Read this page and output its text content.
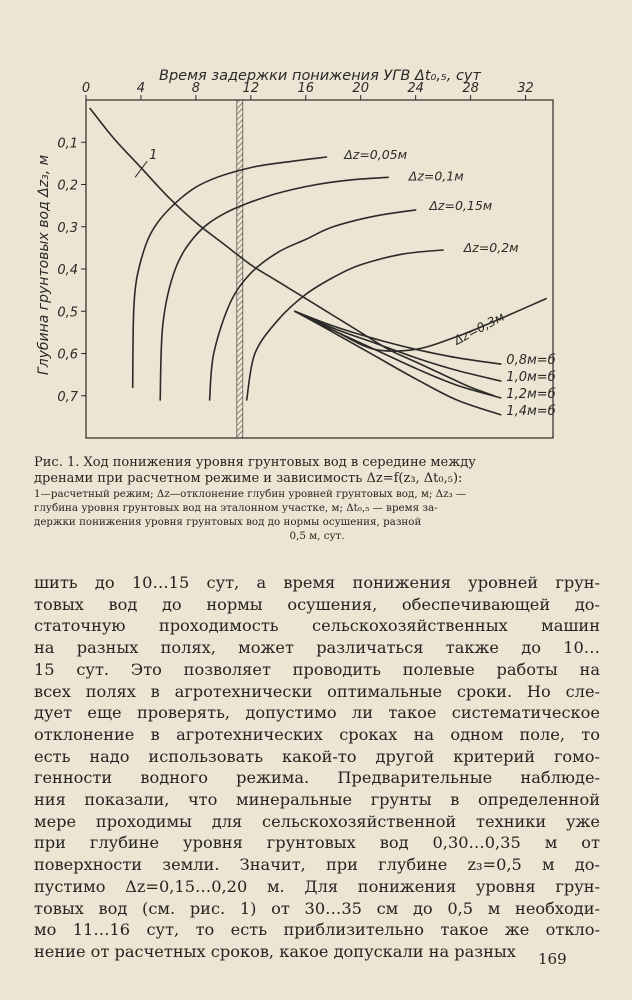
0	4	8	12	16	20	24	28	32
0,1
0,2
0,3
0,4
0,5
0,6
0,7
1	Δz=0,05м
Δz=0,1м
Δz=0,15м
Δz=0,2м
Δz=0,3м
0,8м=б
1,0м=б
1,2м=б
1,4м=б
Время задержки понижения УГВ Δt₀,₅, сут
Глубина грунтовых вод Δz₃, м
Рис. 1. Ход понижения уровня грунтовых вод в середине между
дренами при расчетном режиме и зависимость Δz=f(z₃, Δt₀,₅):
1—расчетный режим; Δz—отклонение глубин уровней грунтовых вод, м; Δz₃ —
глубина уровня грунтовых вод на эталонном участке, м; Δt₀,₅ — время за-
держки понижения уровня грунтовых вод до нормы осушения, разной
0,5 м, сут.
шить до 10…15 сут, а время понижения уровней грун-
товых вод до нормы осушения, обеспечивающей до-
статочную проходимость сельскохозяйственных машин
на разных полях, может различаться также до 10…
15 сут. Это позволяет проводить полевые работы на
всех полях в агротехнически оптимальные сроки. Но сле-
дует еще проверять, допустимо ли такое систематическое
отклонение в агротехнических сроках на одном поле, то
есть надо использовать какой-то другой критерий гомо-
генности водного режима. Предварительные наблюде-
ния показали, что минеральные грунты в определенной
мере проходимы для сельскохозяйственной техники уже
при глубине уровня грунтовых вод 0,30…0,35 м от
поверхности земли. Значит, при глубине z₃=0,5 м до-
пустимо Δz=0,15…0,20 м. Для понижения уровня грун-
товых вод (см. рис. 1) от 30…35 см до 0,5 м необходи-
мо 11…16 сут, то есть приблизительно такое же откло-
нение от расчетных сроков, какое допускали на разных	169
